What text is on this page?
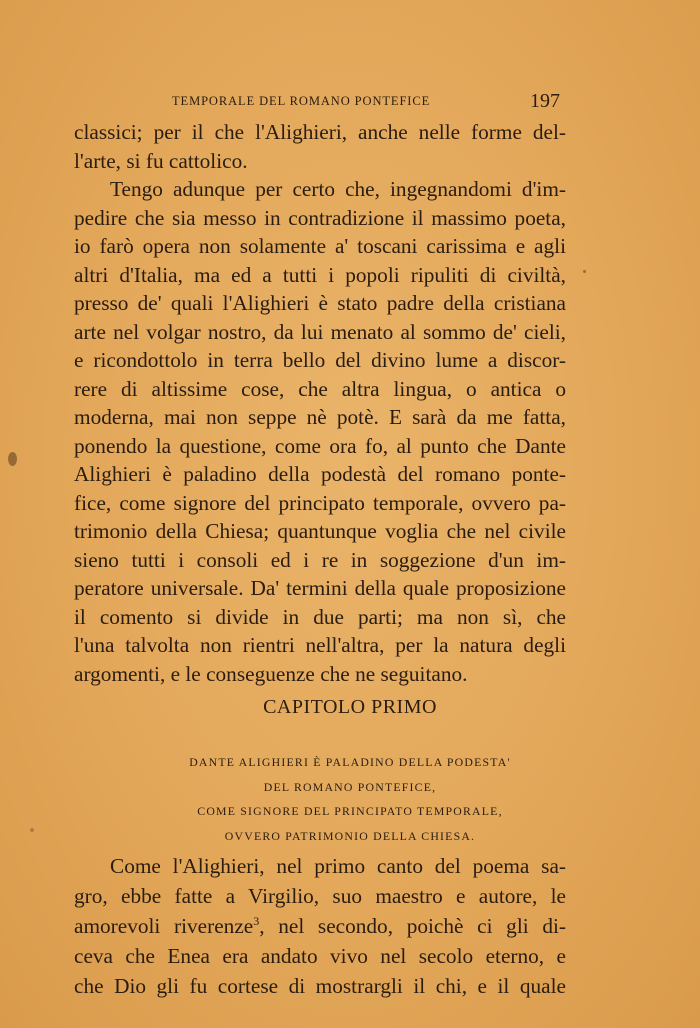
TEMPORALE DEL ROMANO PONTEFICE	197
classici; per il che l'Alighieri, anche nelle forme del-
l'arte, si fu cattolico.
Tengo adunque per certo che, ingegnandomi d'im-
pedire che sia messo in contradizione il massimo poeta,
io farò opera non solamente a' toscani carissima e agli
altri d'Italia, ma ed a tutti i popoli ripuliti di civiltà,
presso de' quali l'Alighieri è stato padre della cristiana
arte nel volgar nostro, da lui menato al sommo de' cieli,
e ricondottolo in terra bello del divino lume a discor-
rere di altissime cose, che altra lingua, o antica o
moderna, mai non seppe nè potè. E sarà da me fatta,
ponendo la questione, come ora fo, al punto che Dante
Alighieri è paladino della podestà del romano ponte-
fice, come signore del principato temporale, ovvero pa-
trimonio della Chiesa; quantunque voglia che nel civile
sieno tutti i consoli ed i re in soggezione d'un im-
peratore universale. Da' termini della quale proposizione
il comento si divide in due parti; ma non sì, che
l'una talvolta non rientri nell'altra, per la natura degli
argomenti, e le conseguenze che ne seguitano.
CAPITOLO PRIMO
DANTE ALIGHIERI È PALADINO DELLA PODESTA'
DEL ROMANO PONTEFICE,
COME SIGNORE DEL PRINCIPATO TEMPORALE,
OVVERO PATRIMONIO DELLA CHIESA.
Come l'Alighieri, nel primo canto del poema sa-
gro, ebbe fatte a Virgilio, suo maestro e autore, le
amorevoli riverenze$^3$, nel secondo, poichè ci gli di-
ceva che Enea era andato vivo nel secolo eterno, e
che Dio gli fu cortese di mostrargli il chi, e il quale
